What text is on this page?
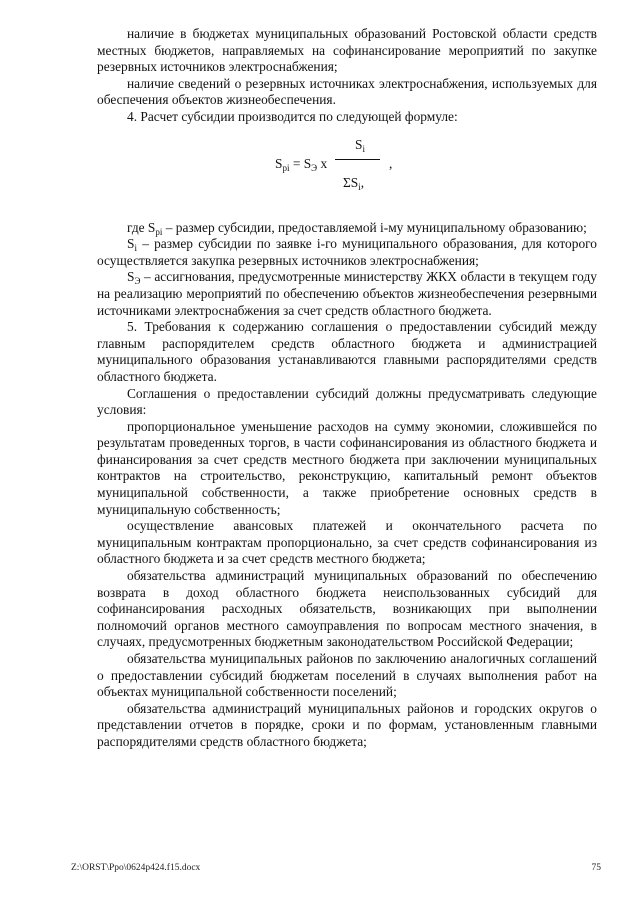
наличие в бюджетах муниципальных образований Ростовской области средств местных бюджетов, направляемых на софинансирование мероприятий по закупке резервных источников электроснабжения;

наличие сведений о резервных источниках электроснабжения, используемых для обеспечения объектов жизнеобеспечения.

4. Расчет субсидии производится по следующей формуле:

$S_{pi} = S_Э$ х
$S_i$
$\Sigma S_i$,
,

где $S_{pi}$ – размер субсидии, предоставляемой i-му муниципальному образованию;

$S_i$ – размер субсидии по заявке i-го муниципального образования, для которого осуществляется закупка резервных источников электроснабжения;

$S_Э$ – ассигнования, предусмотренные министерству ЖКХ области в текущем году на реализацию мероприятий по обеспечению объектов жизнеобеспечения резервными источниками электроснабжения за счет средств областного бюджета.

5. Требования к содержанию соглашения о предоставлении субсидий между главным распорядителем средств областного бюджета и администрацией муниципального образования устанавливаются главными распорядителями средств областного бюджета.

Соглашения о предоставлении субсидий должны предусматривать следующие условия:

пропорциональное уменьшение расходов на сумму экономии, сложившейся по результатам проведенных торгов, в части софинансирования из областного бюджета и финансирования за счет средств местного бюджета при заключении муниципальных контрактов на строительство, реконструкцию, капитальный ремонт объектов муниципальной собственности, а также приобретение основных средств в муниципальную собственность;

осуществление авансовых платежей и окончательного расчета по муниципальным контрактам пропорционально, за счет средств софинансирования из областного бюджета и за счет средств местного бюджета;

обязательства администраций муниципальных образований по обеспечению возврата в доход областного бюджета неиспользованных субсидий для софинансирования расходных обязательств, возникающих при выполнении полномочий органов местного самоуправления по вопросам местного значения, в случаях, предусмотренных бюджетным законодательством Российской Федерации;

обязательства муниципальных районов по заключению аналогичных соглашений о предоставлении субсидий бюджетам поселений в случаях выполнения работ на объектах муниципальной собственности поселений;

обязательства администраций муниципальных районов и городских округов о представлении отчетов в порядке, сроки и по формам, установленным главными распорядителями средств областного бюджета;

Z:\ORST\Ppo\0624p424.f15.docx	75
